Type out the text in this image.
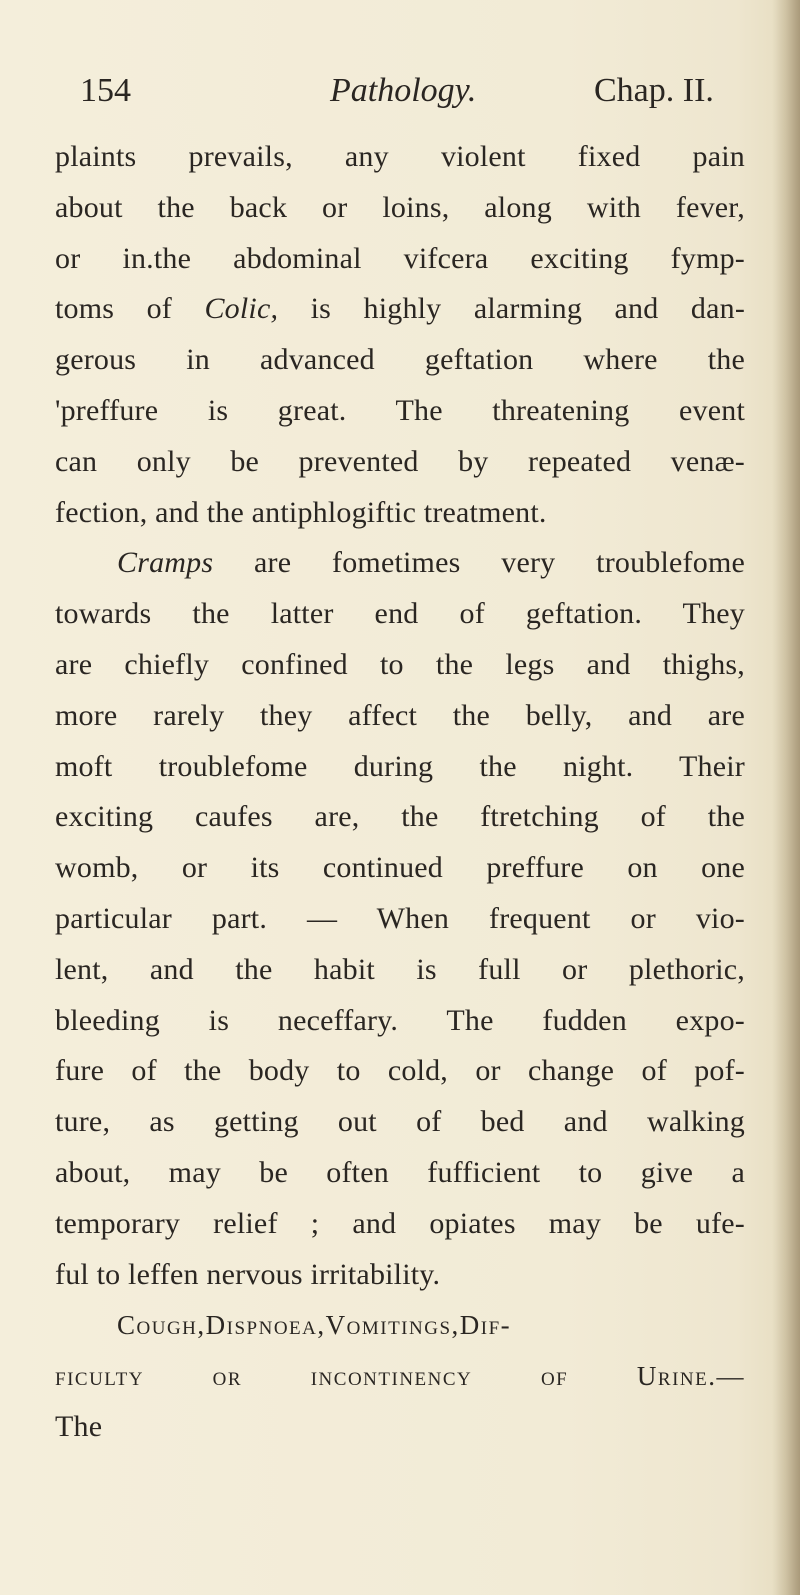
154	Pathology.	Chap. II.
plaints prevails, any violent fixed pain
about the back or loins, along with fever,
or in.the abdominal vifcera exciting fymp-
toms of Colic, is highly alarming and dan-
gerous in advanced geftation where the
'preffure is great. The threatening event
can only be prevented by repeated venæ-
fection, and the antiphlogiftic treatment.
Cramps are fometimes very troublefome
towards the latter end of geftation. They
are chiefly confined to the legs and thighs,
more rarely they affect the belly, and are
moft troublefome during the night. Their
exciting caufes are, the ftretching of the
womb, or its continued preffure on one
particular part. — When frequent or vio-
lent, and the habit is full or plethoric,
bleeding is neceffary. The fudden expo-
fure of the body to cold, or change of pof-
ture, as getting out of bed and walking
about, may be often fufficient to give a
temporary relief ; and opiates may be ufe-
ful to leffen nervous irritability.
Cough,Dispnoea,Vomitings,Dif-
ficulty or incontinency of Urine.—
The
